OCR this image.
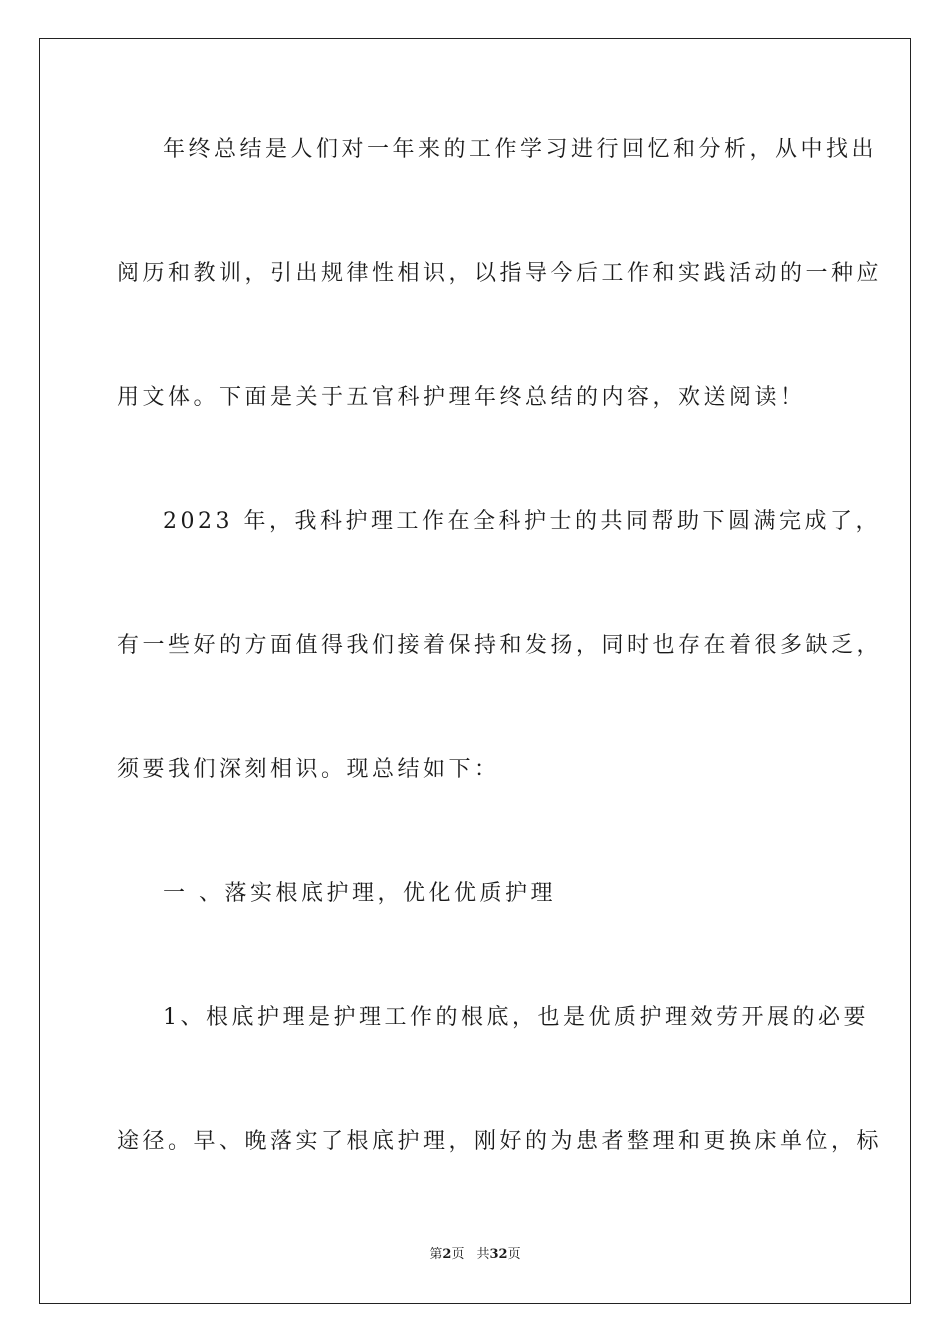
年终总结是人们对一年来的工作学习进行回忆和分析，从中找出
阅历和教训，引出规律性相识，以指导今后工作和实践活动的一种应
用文体。下面是关于五官科护理年终总结的内容，欢送阅读！
2023 年，我科护理工作在全科护士的共同帮助下圆满完成了，
有一些好的方面值得我们接着保持和发扬，同时也存在着很多缺乏，
须要我们深刻相识。现总结如下：
一 、落实根底护理，优化优质护理
1、根底护理是护理工作的根底，也是优质护理效劳开展的必要
途径。早、晚落实了根底护理，刚好的为患者整理和更换床单位，标
第2页 共32页
